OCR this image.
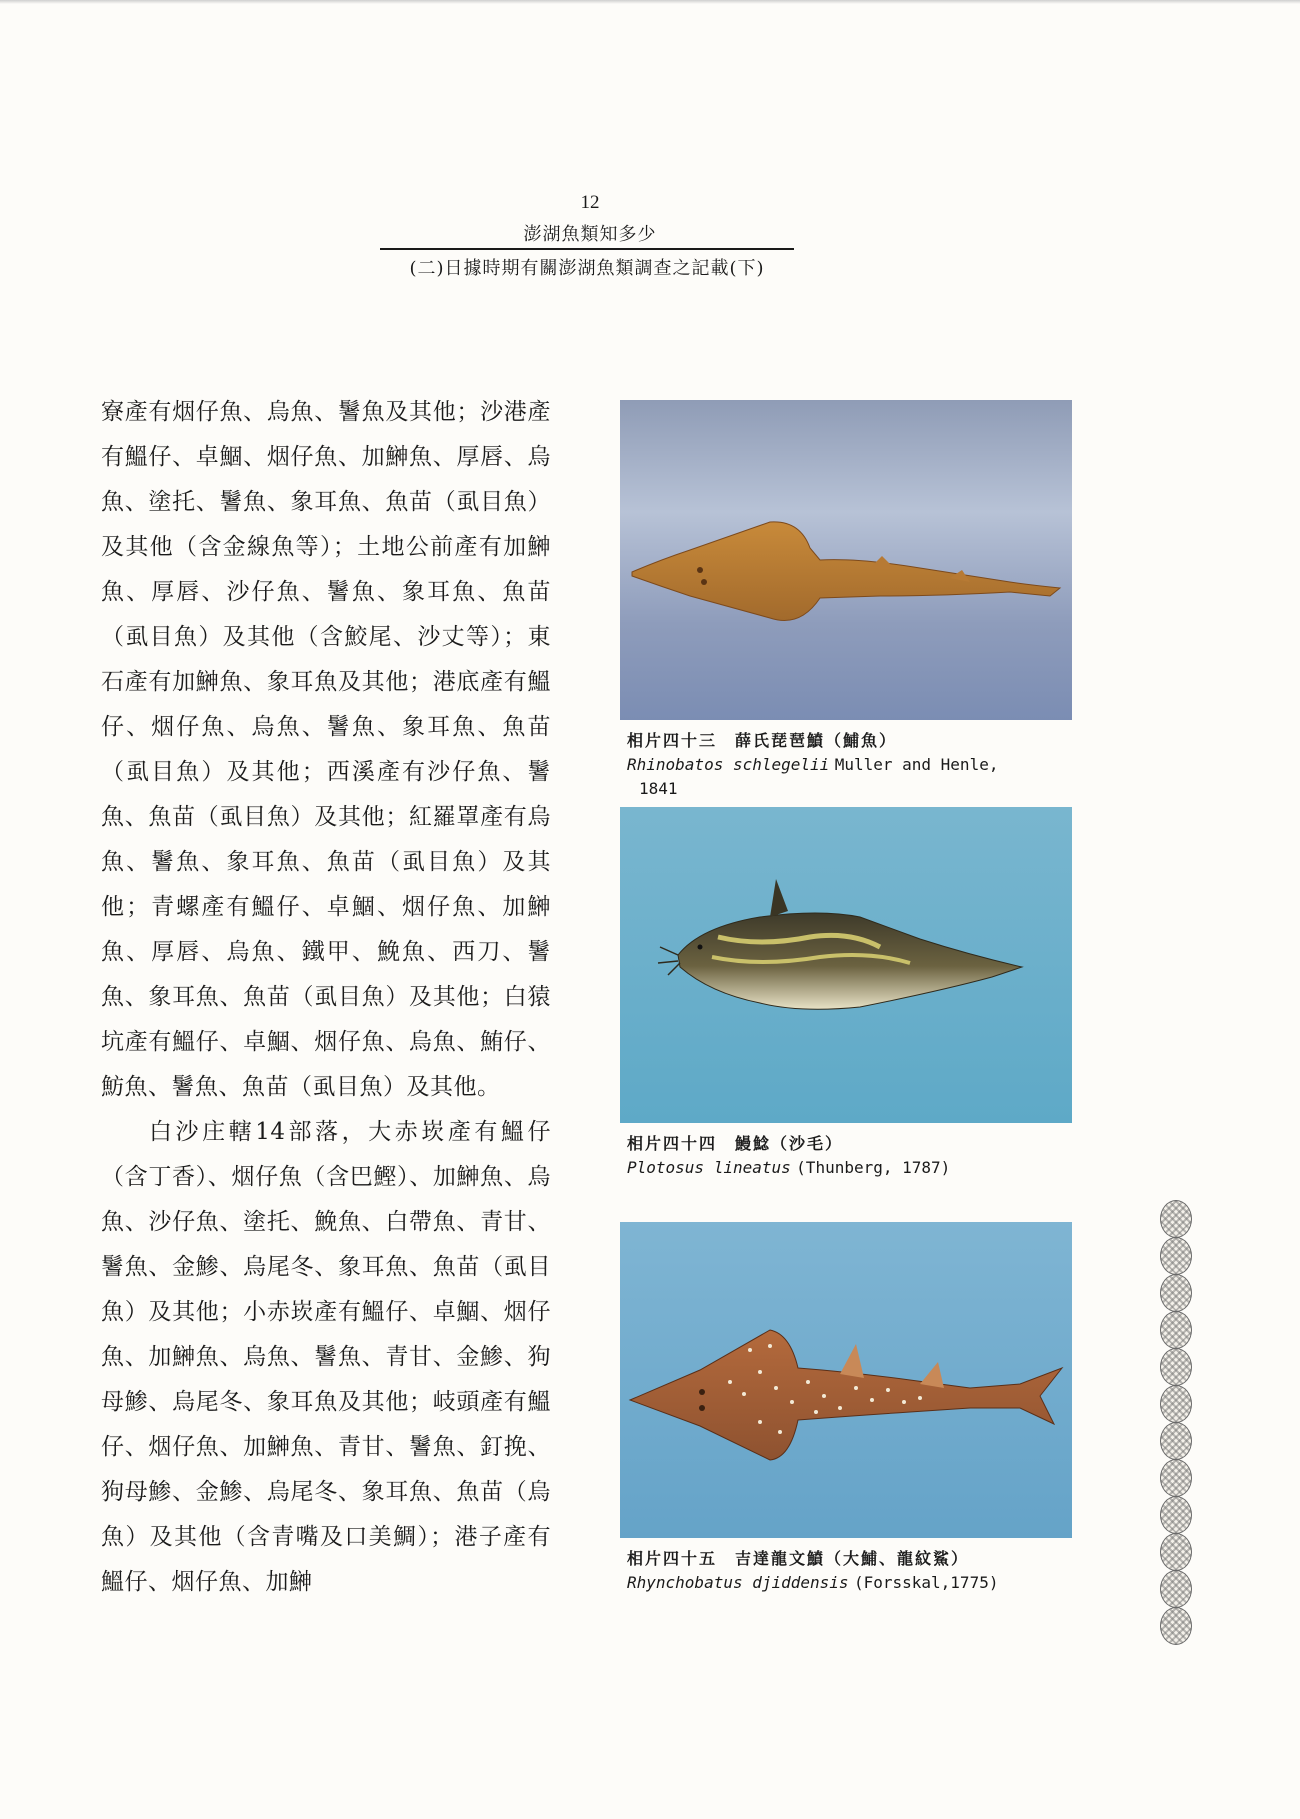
12
澎湖魚類知多少
(二)日據時期有關澎湖魚類調查之記載(下)

寮產有烟仔魚、烏魚、鬐魚及其他；沙港產有鰮仔、卓鯝、烟仔魚、加鰰魚、厚唇、烏魚、塗托、鬐魚、象耳魚、魚苗（虱目魚）及其他（含金線魚等）；土地公前產有加鰰魚、厚唇、沙仔魚、鬐魚、象耳魚、魚苗（虱目魚）及其他（含鮫尾、沙丈等）；東石產有加鰰魚、象耳魚及其他；港底產有鰮仔、烟仔魚、烏魚、鬐魚、象耳魚、魚苗（虱目魚）及其他；西溪產有沙仔魚、鬐魚、魚苗（虱目魚）及其他；紅羅罩產有烏魚、鬐魚、象耳魚、魚苗（虱目魚）及其他；青螺產有鰮仔、卓鯝、烟仔魚、加鰰魚、厚唇、烏魚、鐵甲、鮸魚、西刀、鬐魚、象耳魚、魚苗（虱目魚）及其他；白猿坑產有鰮仔、卓鯝、烟仔魚、烏魚、鮪仔、魴魚、鬐魚、魚苗（虱目魚）及其他。

白沙庄轄14部落，大赤崁產有鰮仔（含丁香）、烟仔魚（含巴鰹）、加鰰魚、烏魚、沙仔魚、塗托、鮸魚、白帶魚、青甘、鬐魚、金鯵、烏尾冬、象耳魚、魚苗（虱目魚）及其他；小赤崁產有鰮仔、卓鯝、烟仔魚、加鰰魚、烏魚、鬐魚、青甘、金鯵、狗母鯵、烏尾冬、象耳魚及其他；岐頭產有鰮仔、烟仔魚、加鰰魚、青甘、鬐魚、釘挽、狗母鯵、金鯵、烏尾冬、象耳魚、魚苗（烏魚）及其他（含青嘴及口美鯛）；港子產有鰮仔、烟仔魚、加鰰

相片四十三　薛氏琵琶鱝（鯆魚）
Rhinobatos schlegelii Muller and Henle,
1841
相片四十四　鰻鯰（沙毛）
Plotosus lineatus (Thunberg, 1787)
相片四十五　吉達龍文鱝（大鯆、龍紋鯊）
Rhynchobatus djiddensis (Forsskal,1775)
